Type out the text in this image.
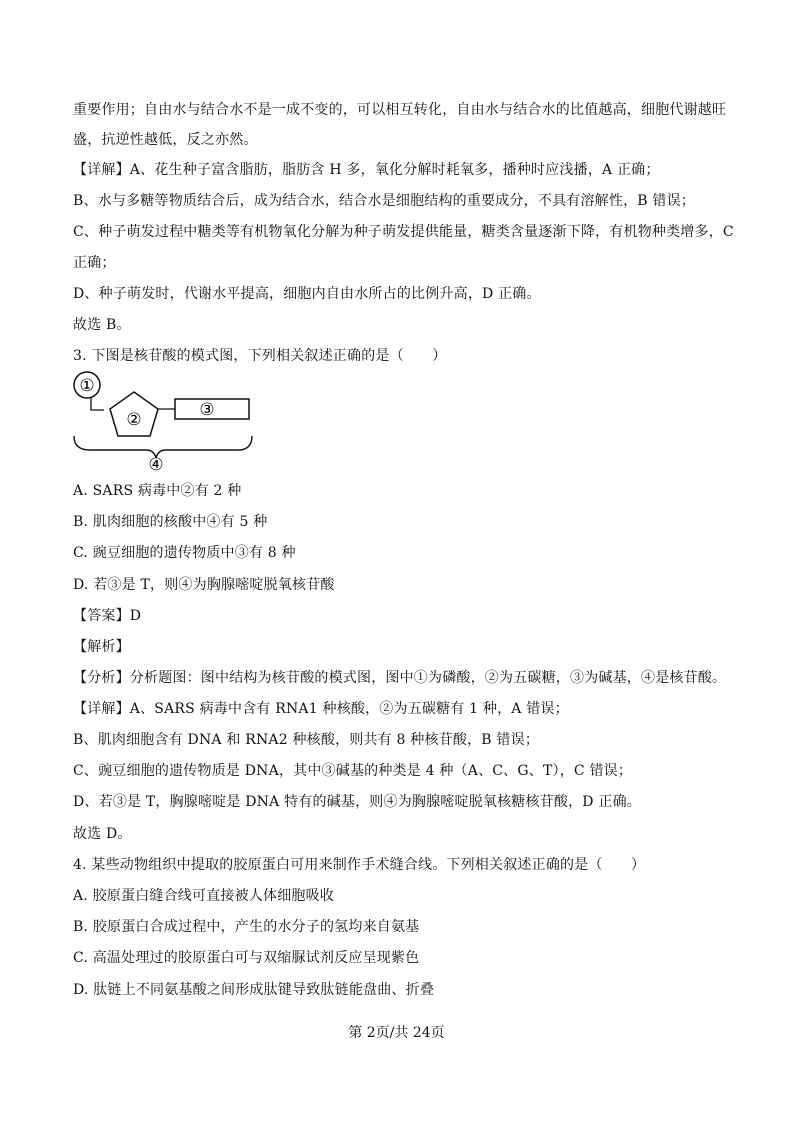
重要作用；自由水与结合水不是一成不变的，可以相互转化，自由水与结合水的比值越高，细胞代谢越旺
盛，抗逆性越低，反之亦然。
【详解】A、花生种子富含脂肪，脂肪含 H 多，氧化分解时耗氧多，播种时应浅播，A 正确；
B、水与多糖等物质结合后，成为结合水，结合水是细胞结构的重要成分，不具有溶解性，B 错误；
C、种子萌发过程中糖类等有机物氧化分解为种子萌发提供能量，糖类含量逐渐下降，有机物种类增多，C
正确；
D、种子萌发时，代谢水平提高，细胞内自由水所占的比例升高，D 正确。
故选 B。
3. 下图是核苷酸的模式图，下列相关叙述正确的是（　　）
①
②	③
④
A. SARS 病毒中②有 2 种
B. 肌肉细胞的核酸中④有 5 种
C. 豌豆细胞的遗传物质中③有 8 种
D. 若③是 T，则④为胸腺嘧啶脱氧核苷酸
【答案】D
【解析】
【分析】分析题图：图中结构为核苷酸的模式图，图中①为磷酸，②为五碳糖，③为碱基，④是核苷酸。
【详解】A、SARS 病毒中含有 RNA1 种核酸，②为五碳糖有 1 种，A 错误；
B、肌肉细胞含有 DNA 和 RNA2 种核酸，则共有 8 种核苷酸，B 错误；
C、豌豆细胞的遗传物质是 DNA，其中③碱基的种类是 4 种（A、C、G、T），C 错误；
D、若③是 T，胸腺嘧啶是 DNA 特有的碱基，则④为胸腺嘧啶脱氧核糖核苷酸，D 正确。
故选 D。
4. 某些动物组织中提取的胶原蛋白可用来制作手术缝合线。下列相关叙述正确的是（　　）
A. 胶原蛋白缝合线可直接被人体细胞吸收
B. 胶原蛋白合成过程中，产生的水分子的氢均来自氨基
C. 高温处理过的胶原蛋白可与双缩脲试剂反应呈现紫色
D. 肽链上不同氨基酸之间形成肽键导致肽链能盘曲、折叠
第 2页/共 24页
